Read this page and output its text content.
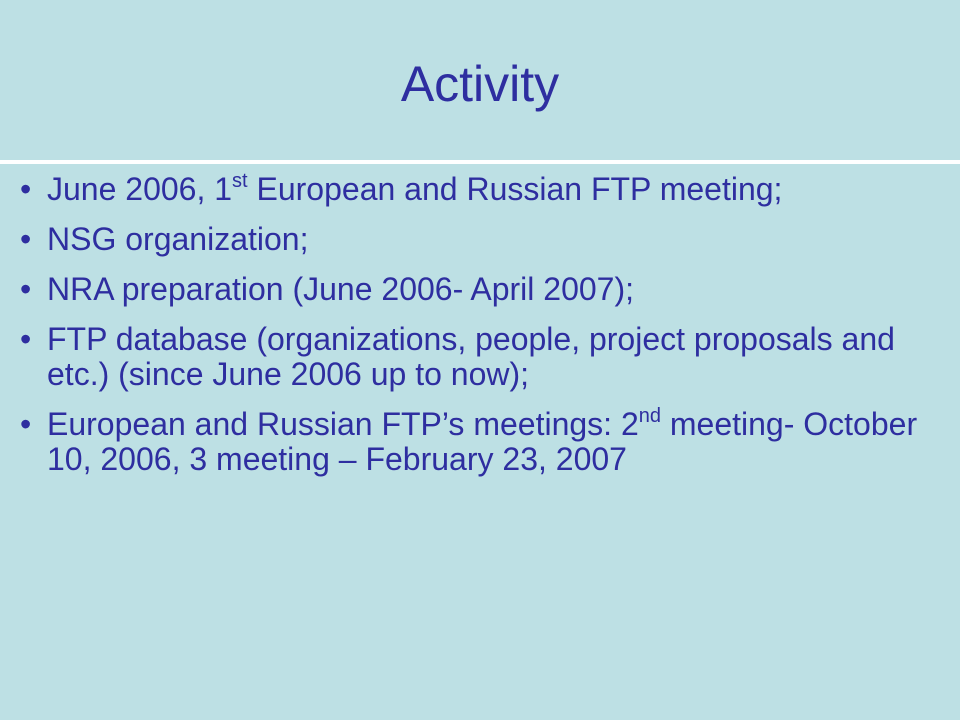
Activity
• June 2006, 1st European and Russian FTP meeting;
• NSG organization;
• NRA preparation (June 2006- April 2007);
• FTP database (organizations, people, project proposals and etc.) (since June 2006 up to now);
• European and Russian FTP’s meetings: 2nd meeting- October 10, 2006, 3 meeting – February 23, 2007
